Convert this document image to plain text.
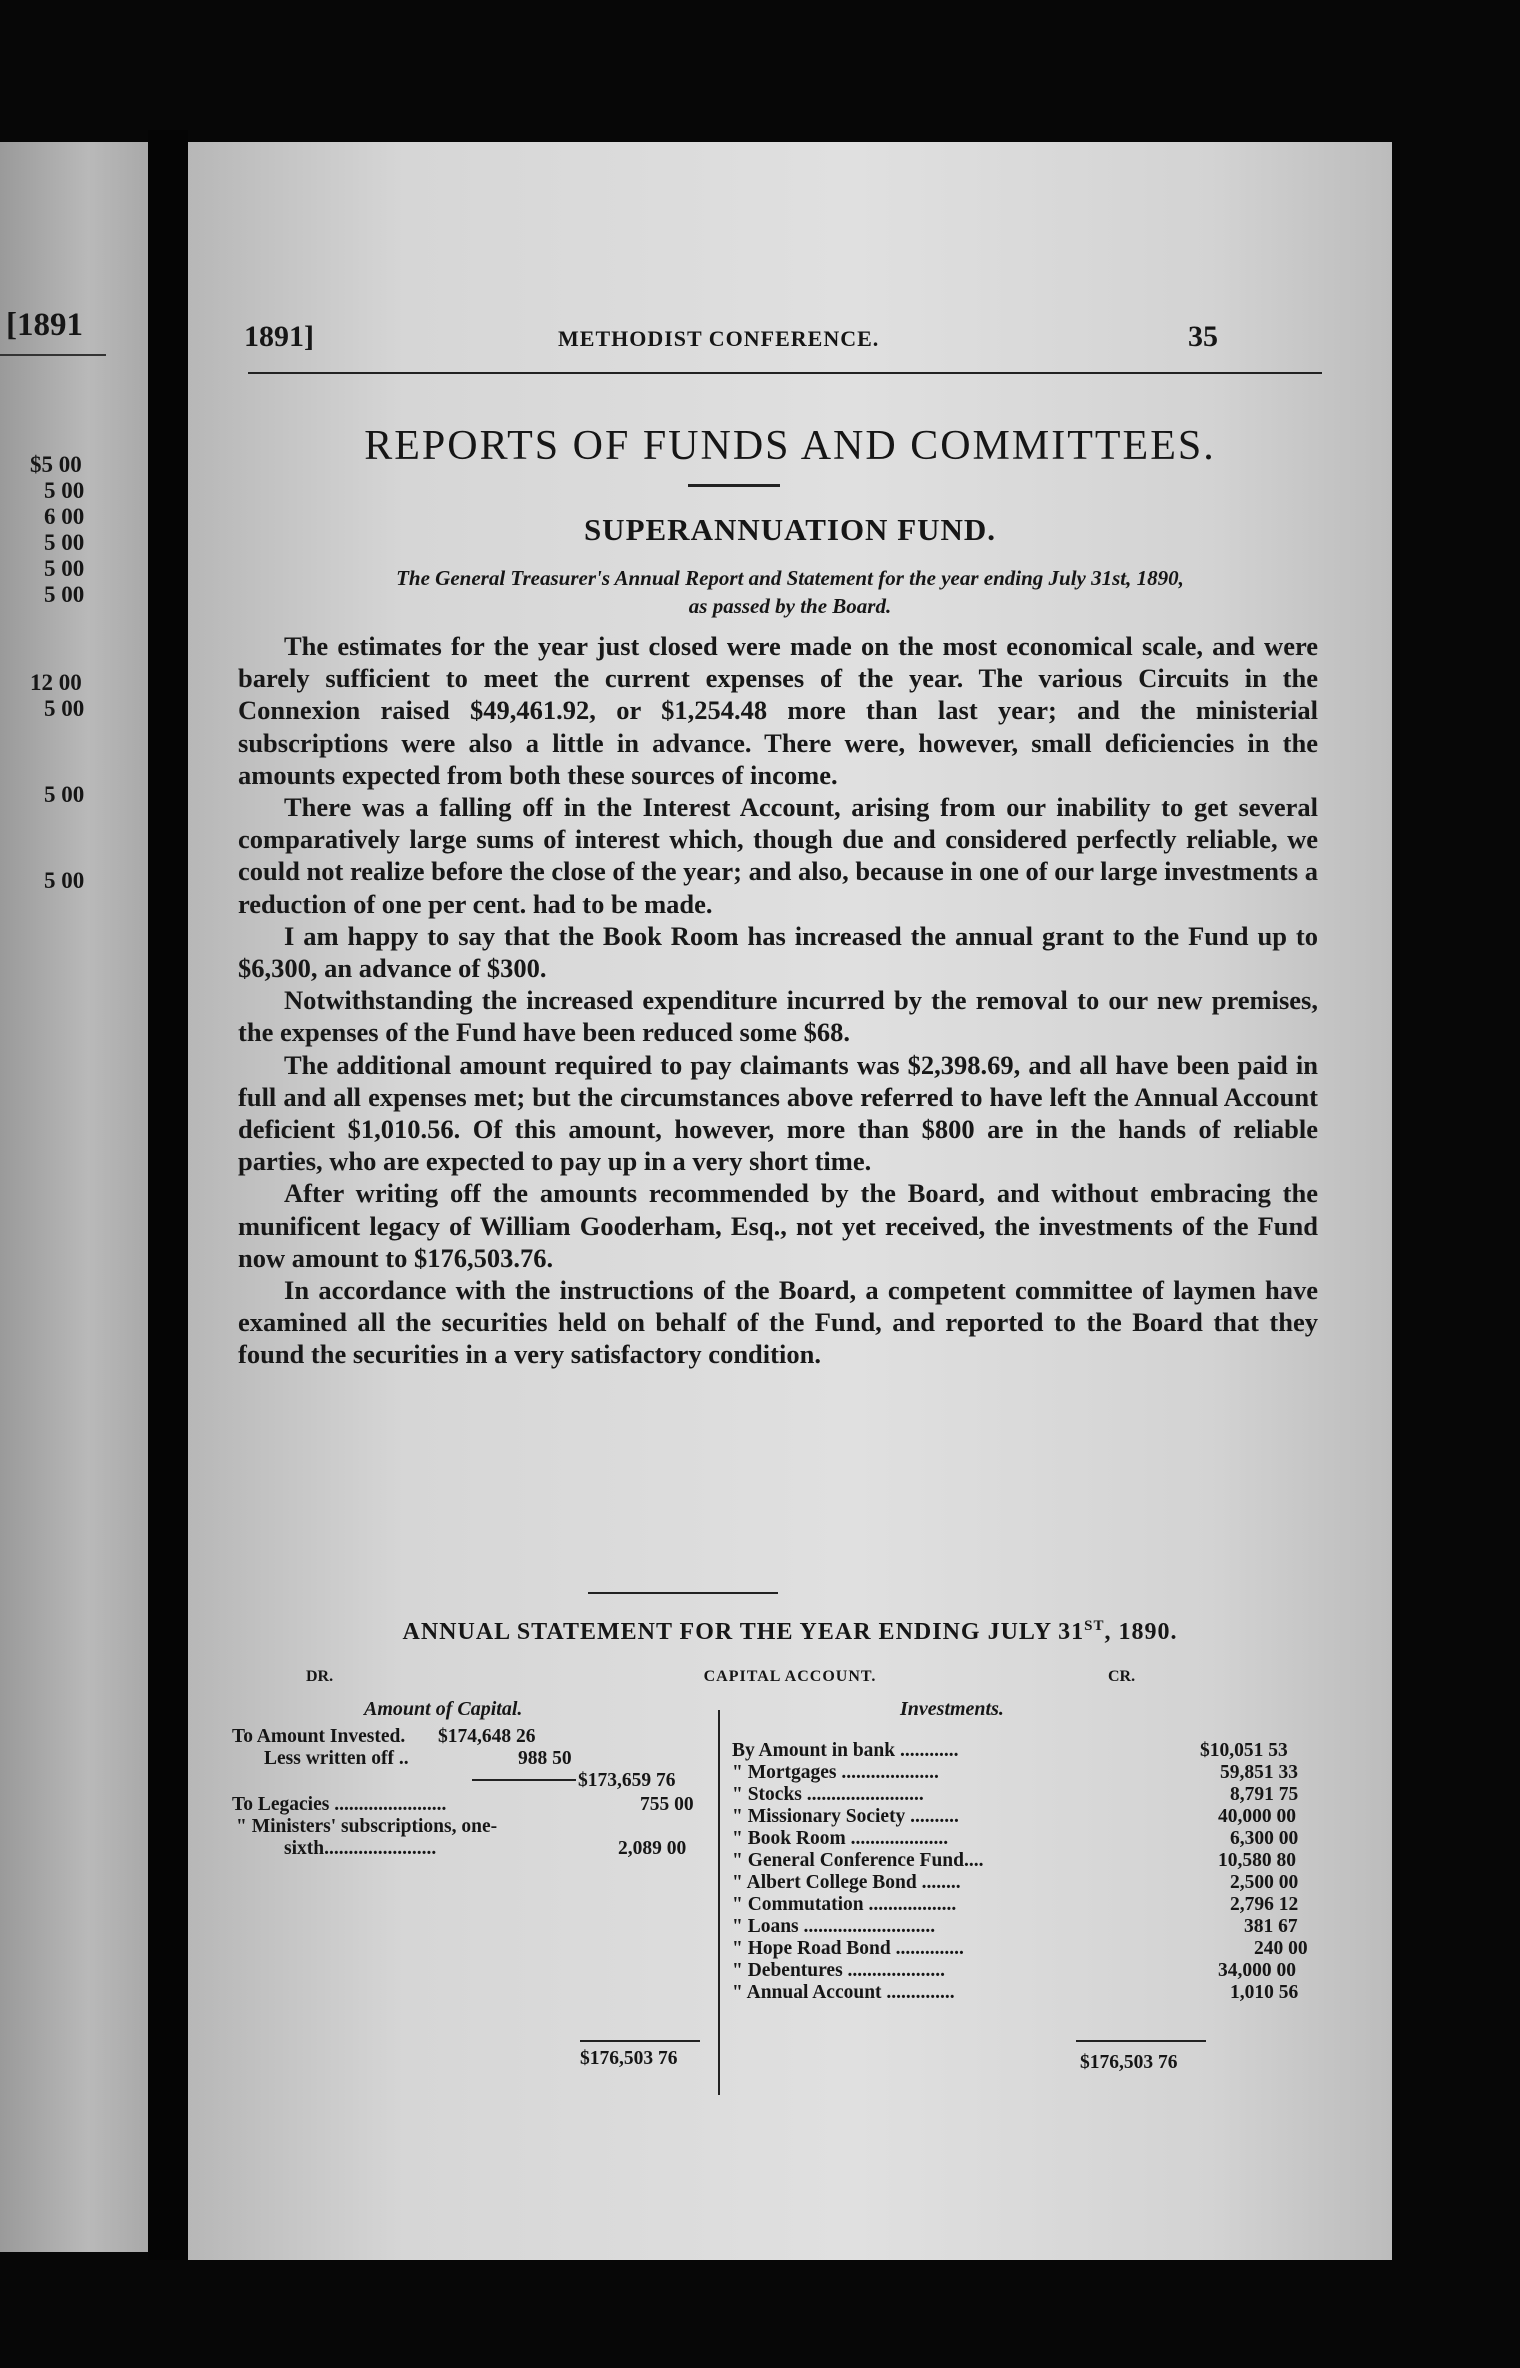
[1891
$5 00
5 00
6 00
5 00
5 00
5 00
12 00
5 00
5 00
5 00
1891]	METHODIST CONFERENCE.	35
REPORTS OF FUNDS AND COMMITTEES.
SUPERANNUATION FUND.
The General Treasurer's Annual Report and Statement for the year ending July 31st, 1890,
as passed by the Board.

The estimates for the year just closed were made on the most economical scale, and were barely sufficient to meet the current expenses of the year. The various Circuits in the Connexion raised $49,461.92, or $1,254.48 more than last year; and the ministerial subscriptions were also a little in advance. There were, however, small deficiencies in the amounts expected from both these sources of income.

There was a falling off in the Interest Account, arising from our inability to get several comparatively large sums of interest which, though due and considered perfectly reliable, we could not realize before the close of the year; and also, because in one of our large investments a reduction of one per cent. had to be made.

I am happy to say that the Book Room has increased the annual grant to the Fund up to $6,300, an advance of $300.

Notwithstanding the increased expenditure incurred by the removal to our new premises, the expenses of the Fund have been reduced some $68.

The additional amount required to pay claimants was $2,398.69, and all have been paid in full and all expenses met; but the circumstances above referred to have left the Annual Account deficient $1,010.56. Of this amount, however, more than $800 are in the hands of reliable parties, who are expected to pay up in a very short time.

After writing off the amounts recommended by the Board, and without embracing the munificent legacy of William Gooderham, Esq., not yet received, the investments of the Fund now amount to $176,503.76.

In accordance with the instructions of the Board, a competent committee of laymen have examined all the securities held on behalf of the Fund, and reported to the Board that they found the securities in a very satisfactory condition.

ANNUAL STATEMENT FOR THE YEAR ENDING JULY 31ST, 1890.
DR.	CAPITAL ACCOUNT.	CR.
Amount of Capital.	Investments.
To Amount Invested. $174,648 26
Less written off ..	988 50
$173,659 76
To Legacies .......................	755 00
" Ministers' subscriptions, one-
sixth.......................	2,089 00
$176,503 76
By Amount in bank ............	$10,051 53
" Mortgages ....................	59,851 33
" Stocks ........................	8,791 75
" Missionary Society ..........	40,000 00
" Book Room ....................	6,300 00
" General Conference Fund....	10,580 80
" Albert College Bond ........	2,500 00
" Commutation ..................	2,796 12
" Loans ...........................	381 67
" Hope Road Bond ..............	240 00
" Debentures ....................	34,000 00
" Annual Account ..............	1,010 56
$176,503 76
